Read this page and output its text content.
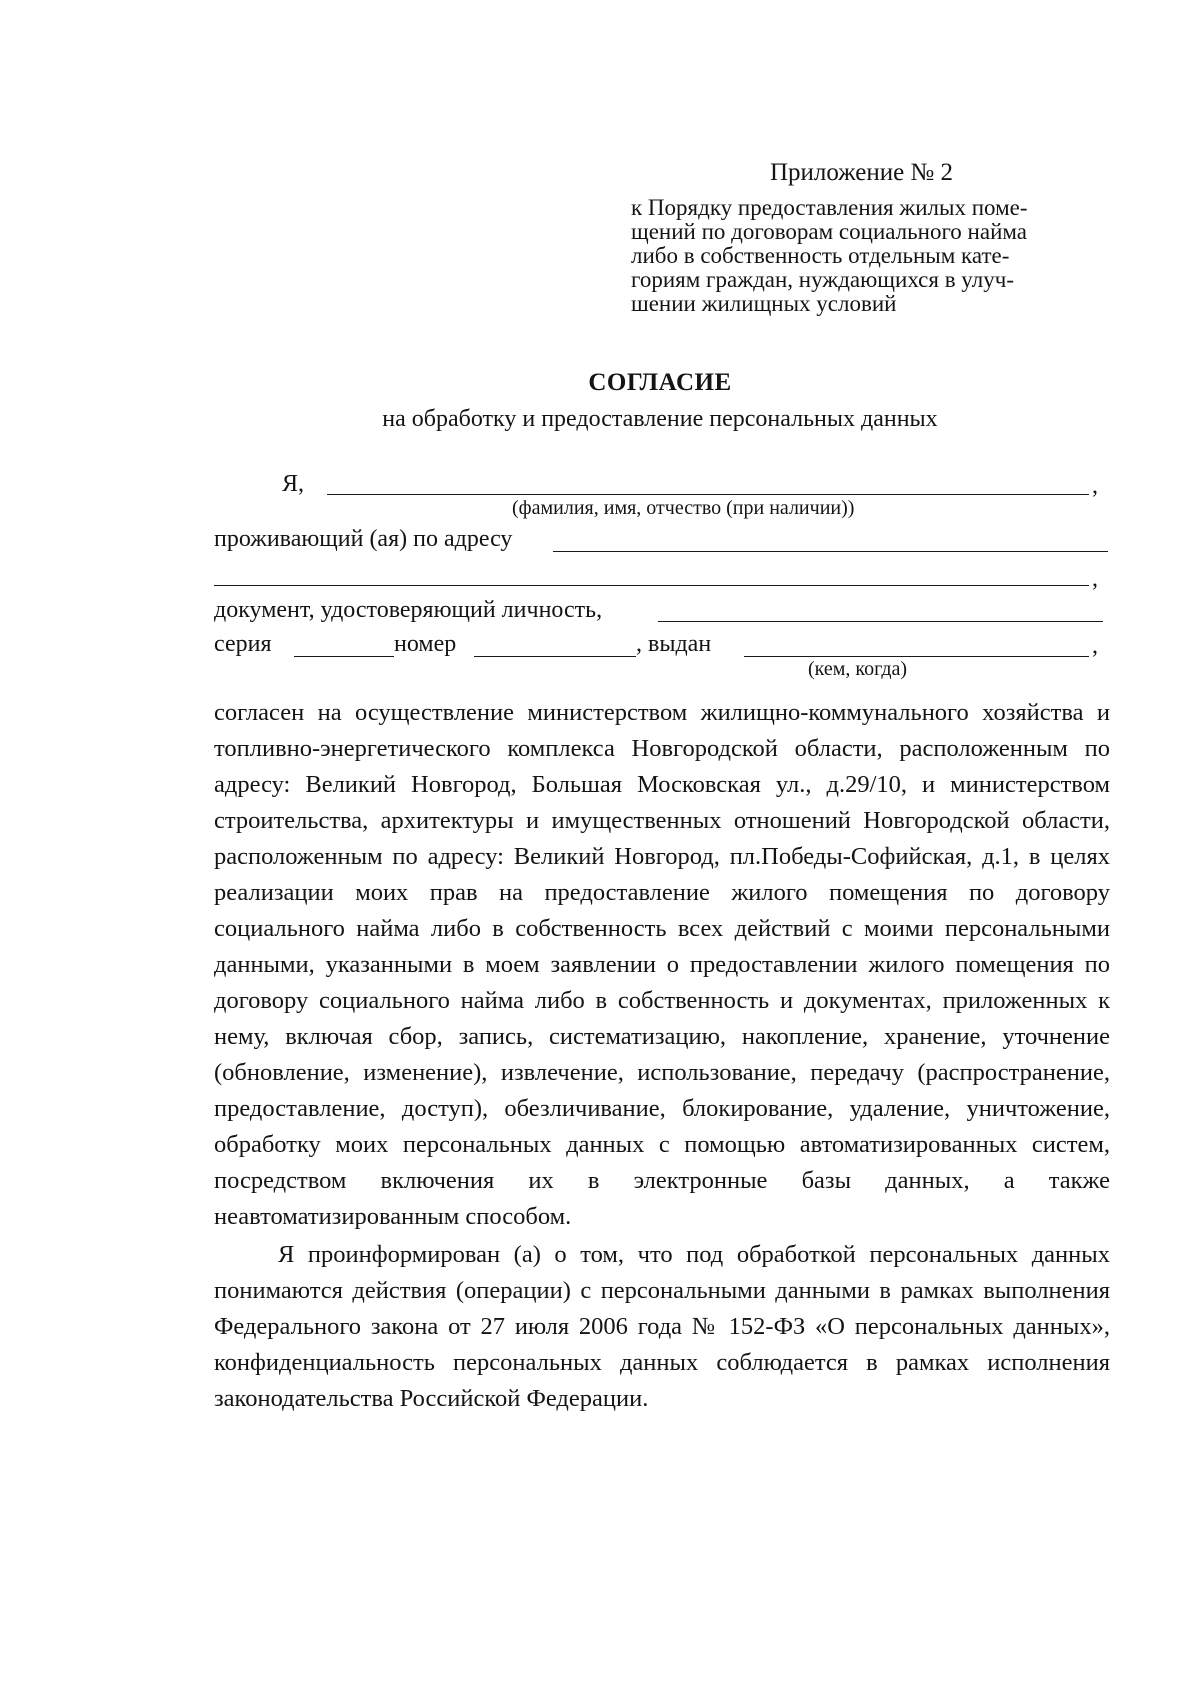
Приложение № 2
к Порядку предоставления жилых поме-
щений по договорам социального найма
либо в собственность отдельным кате-
гориям граждан, нуждающихся в улуч-
шении жилищных условий
СОГЛАСИЕ
на обработку и предоставление персональных данных
Я,	,
(фамилия, имя, отчество (при наличии))
проживающий (ая) по адресу
,
документ, удостоверяющий личность,
серия	номер	, выдан	,
(кем, когда)

согласен на осуществление министерством жилищно-коммунального хозяйства и топливно-энергетического комплекса Новгородской области, расположенным по адресу: Великий Новгород, Большая Московская ул., д.29/10, и министерством строительства, архитектуры и имущественных отношений Новгородской области, расположенным по адресу: Великий Новгород, пл.Победы-Софийская, д.1, в целях реализации моих прав на предоставление жилого помещения по договору социального найма либо в собственность всех действий с моими персональными данными, указанными в моем заявлении о предоставлении жилого помещения по договору социального найма либо в собственность и документах, приложенных к нему, включая сбор, запись, систематизацию, накопление, хранение, уточнение (обновление, изменение), извлечение, использование, передачу (распространение, предоставление, доступ), обезличивание, блокирование, удаление, уничтожение, обработку моих персональных данных с помощью автоматизированных систем, посредством включения их в электронные базы данных, а также неавтоматизированным способом.

Я проинформирован (а) о том, что под обработкой персональных данных понимаются действия (операции) с персональными данными в рамках выполнения Федерального закона от 27 июля 2006 года № 152-ФЗ «О персональных данных», конфиденциальность персональных данных соблюдается в рамках исполнения законодательства Российской Федерации.
